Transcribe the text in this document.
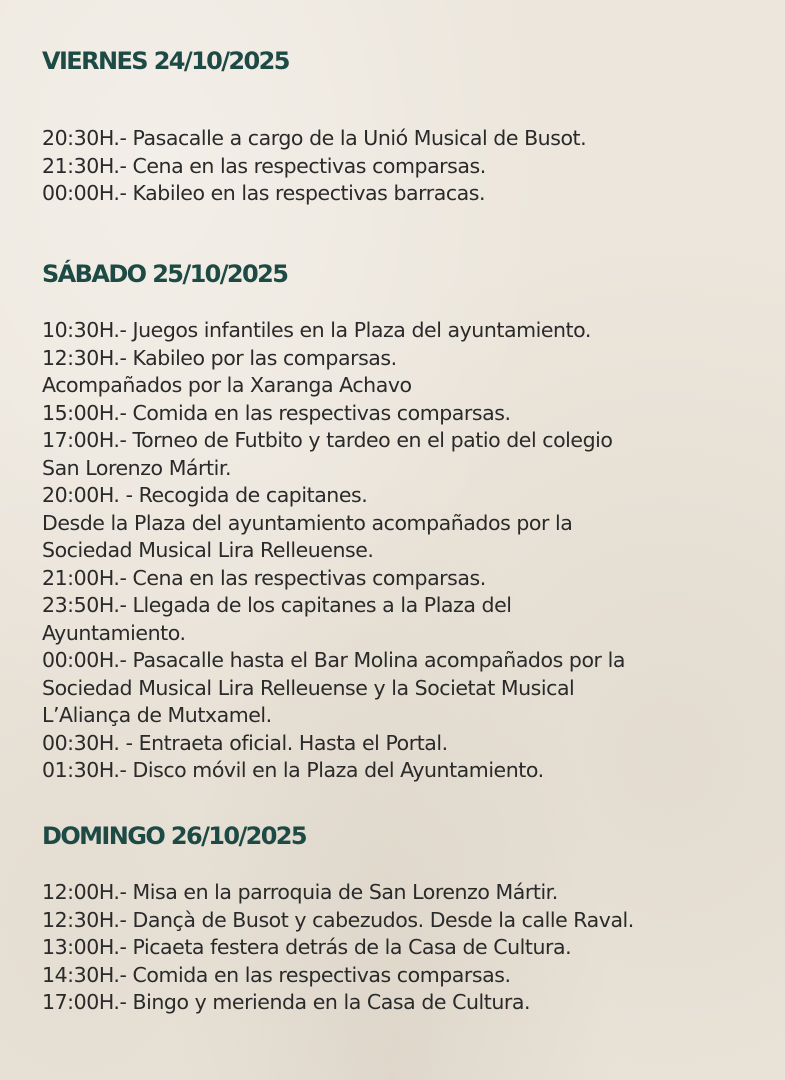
VIERNES 24/10/2025
20:30H.- Pasacalle a cargo de la Unió Musical de Busot.
21:30H.- Cena en las respectivas comparsas.
00:00H.- Kabileo en las respectivas barracas.
SÁBADO 25/10/2025
10:30H.- Juegos infantiles en la Plaza del ayuntamiento.
12:30H.- Kabileo por las comparsas.
Acompañados por la Xaranga Achavo
15:00H.- Comida en las respectivas comparsas.
17:00H.- Torneo de Futbito y tardeo en el patio del colegio
San Lorenzo Mártir.
20:00H. - Recogida de capitanes.
Desde la Plaza del ayuntamiento acompañados por la
Sociedad Musical Lira Relleuense.
21:00H.- Cena en las respectivas comparsas.
23:50H.- Llegada de los capitanes a la Plaza del
Ayuntamiento.
00:00H.- Pasacalle hasta el Bar Molina acompañados por la
Sociedad Musical Lira Relleuense y la Societat Musical
L’Aliança de Mutxamel.
00:30H. - Entraeta oficial. Hasta el Portal.
01:30H.- Disco móvil en la Plaza del Ayuntamiento.
DOMINGO 26/10/2025
12:00H.- Misa en la parroquia de San Lorenzo Mártir.
12:30H.- Dançà de Busot y cabezudos. Desde la calle Raval.
13:00H.- Picaeta festera detrás de la Casa de Cultura.
14:30H.- Comida en las respectivas comparsas.
17:00H.- Bingo y merienda en la Casa de Cultura.
